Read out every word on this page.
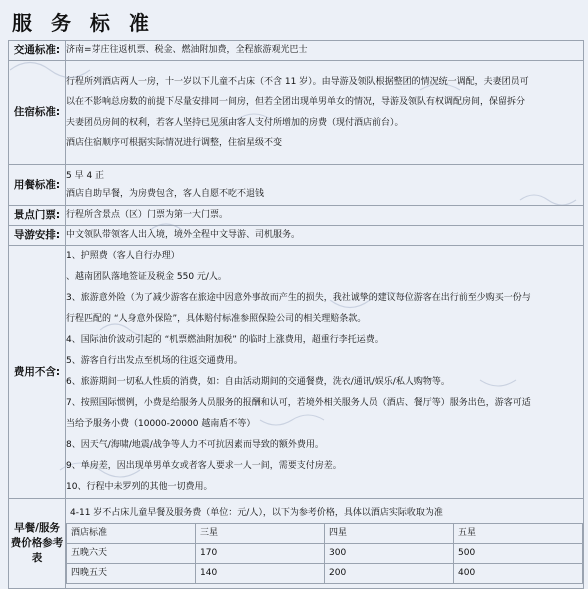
服 务 标 准
交通标准:	济南=芽庄往返机票、税金、燃油附加费，全程旅游观光巴士

住宿标准:	
行程所列酒店两人一房，十一岁以下儿童不占床（不含 11 岁）。由导游及领队根据整团的情况统一调配，夫妻团员可
以在不影响总房数的前提下尽量安排同一间房，但若全团出现单男单女的情况，导游及领队有权调配房间，保留拆分
夫妻团员房间的权利，若客人坚持已见须由客人支付所增加的房费（现付酒店前台）。
酒店住宿顺序可根据实际情况进行调整，住宿星级不变

用餐标准:	
5 早 4 正
酒店自助早餐，为房费包含，客人自愿不吃不退钱

景点门票:	行程所含景点（区）门票为第一大门票。

导游安排:	中文领队带领客人出入境，境外全程中文导游、司机服务。

费用不含:	
1、护照费（客人自行办理）
、越南团队落地签证及税金 550 元/人。
3、旅游意外险（为了减少游客在旅途中因意外事故而产生的损失，我社诚挚的建议每位游客在出行前至少购买一份与
行程匹配的 “人身意外保险”，具体赔付标准参照保险公司的相关理赔条款。
4、国际油价波动引起的 “机票燃油附加税” 的临时上涨费用，超重行李托运费。
5、游客自行出发点至机场的往返交通费用。
6、旅游期间一切私人性质的消费，如：自由活动期间的交通餐费，洗衣/通讯/娱乐/私人购物等。
7、按照国际惯例，小费是给服务人员服务的报酬和认可，若境外相关服务人员（酒店、餐厅等）服务出色，游客可适
当给予服务小费（10000-20000 越南盾不等）
8、因天气/海啸/地震/战争等人力不可抗因素而导致的额外费用。
9、单房差，因出现单男单女或者客人要求一人一间，需要支付房差。
10、行程中未罗列的其他一切费用。

早餐/服务费价格参考表	
4-11 岁不占床儿童早餐及服务费（单位：元/人），以下为参考价格，具体以酒店实际收取为准
酒店标准	三星	四星	五星
五晚六天	170	300	500
四晚五天	140	200	400
